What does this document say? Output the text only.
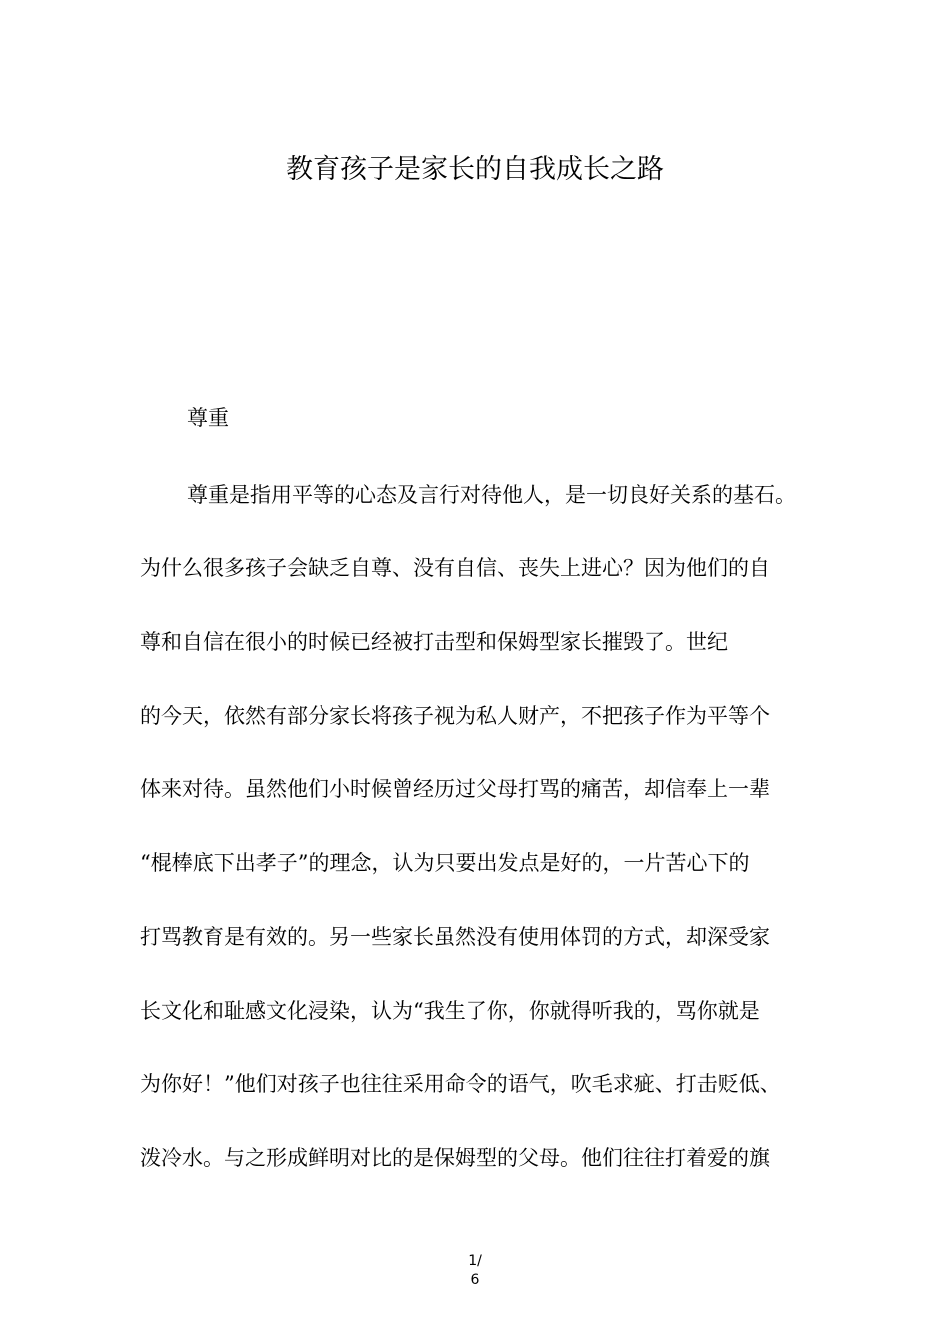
教育孩子是家长的自我成长之路
尊重
尊重是指用平等的心态及言行对待他人，是一切良好关系的基石。
为什么很多孩子会缺乏自尊、没有自信、丧失上进心？因为他们的自
尊和自信在很小的时候已经被打击型和保姆型家长摧毁了。世纪
的今天，依然有部分家长将孩子视为私人财产，不把孩子作为平等个
体来对待。虽然他们小时候曾经历过父母打骂的痛苦，却信奉上一辈
“棍棒底下出孝子”的理念，认为只要出发点是好的，一片苦心下的
打骂教育是有效的。另一些家长虽然没有使用体罚的方式，却深受家
长文化和耻感文化浸染，认为“我生了你，你就得听我的，骂你就是
为你好！”他们对孩子也往往采用命令的语气，吹毛求疵、打击贬低、
泼冷水。与之形成鲜明对比的是保姆型的父母。他们往往打着爱的旗
1/
6
